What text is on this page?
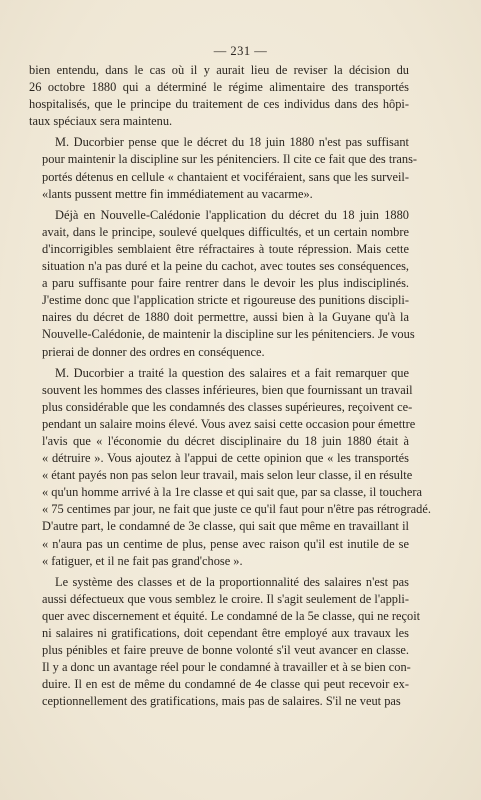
— 231 —

bien entendu, dans le cas où il y aurait lieu de reviser la décision du
26 octobre 1880 qui a déterminé le régime alimentaire des transportés
hospitalisés, que le principe du traitement de ces individus dans des hôpi-
taux spéciaux sera maintenu.

M. Ducorbier pense que le décret du 18 juin 1880 n'est pas suffisant
pour maintenir la discipline sur les pénitenciers. Il cite ce fait que des trans-
portés détenus en cellule « chantaient et vociféraient, sans que les surveil-
«lants pussent mettre fin immédiatement au vacarme».

Déjà en Nouvelle-Calédonie l'application du décret du 18 juin 1880
avait, dans le principe, soulevé quelques difficultés, et un certain nombre
d'incorrigibles semblaient être réfractaires à toute répression. Mais cette
situation n'a pas duré et la peine du cachot, avec toutes ses conséquences,
a paru suffisante pour faire rentrer dans le devoir les plus indisciplinés.
J'estime donc que l'application stricte et rigoureuse des punitions discipli-
naires du décret de 1880 doit permettre, aussi bien à la Guyane qu'à la
Nouvelle-Calédonie, de maintenir la discipline sur les pénitenciers. Je vous
prierai de donner des ordres en conséquence.

M. Ducorbier a traité la question des salaires et a fait remarquer que
souvent les hommes des classes inférieures, bien que fournissant un travail
plus considérable que les condamnés des classes supérieures, reçoivent ce-
pendant un salaire moins élevé. Vous avez saisi cette occasion pour émettre
l'avis que « l'économie du décret disciplinaire du 18 juin 1880 était à
« détruire ». Vous ajoutez à l'appui de cette opinion que « les transportés
« étant payés non pas selon leur travail, mais selon leur classe, il en résulte
« qu'un homme arrivé à la 1re classe et qui sait que, par sa classe, il touchera
« 75 centimes par jour, ne fait que juste ce qu'il faut pour n'être pas rétrogradé.
D'autre part, le condamné de 3e classe, qui sait que même en travaillant il
« n'aura pas un centime de plus, pense avec raison qu'il est inutile de se
« fatiguer, et il ne fait pas grand'chose ».

Le système des classes et de la proportionnalité des salaires n'est pas
aussi défectueux que vous semblez le croire. Il s'agit seulement de l'appli-
quer avec discernement et équité. Le condamné de la 5e classe, qui ne reçoit
ni salaires ni gratifications, doit cependant être employé aux travaux les
plus pénibles et faire preuve de bonne volonté s'il veut avancer en classe.
Il y a donc un avantage réel pour le condamné à travailler et à se bien con-
duire. Il en est de même du condamné de 4e classe qui peut recevoir ex-
ceptionnellement des gratifications, mais pas de salaires. S'il ne veut pas
